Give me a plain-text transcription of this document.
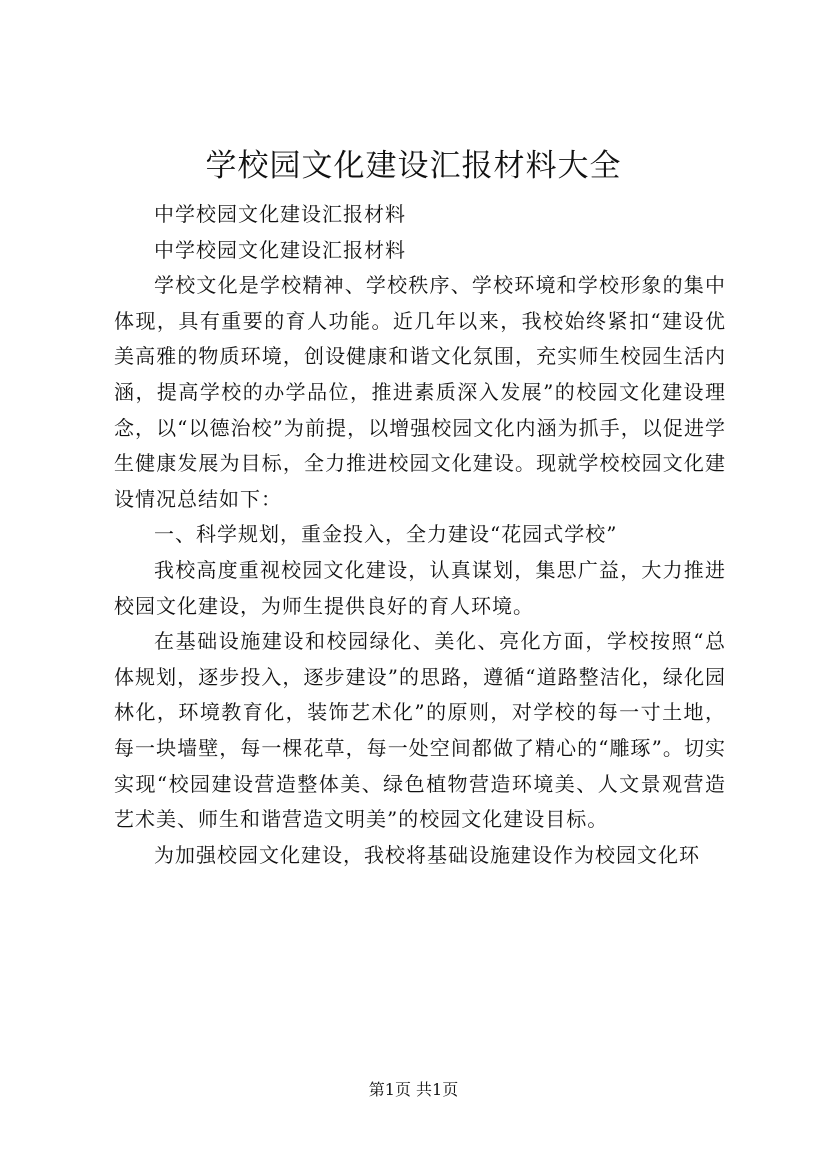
学校园文化建设汇报材料大全

中学校园文化建设汇报材料

中学校园文化建设汇报材料

学校文化是学校精神、学校秩序、学校环境和学校形象的集中体现，具有重要的育人功能。近几年以来，我校始终紧扣“建设优美高雅的物质环境，创设健康和谐文化氛围，充实师生校园生活内涵，提高学校的办学品位，推进素质深入发展”的校园文化建设理念，以“以德治校”为前提，以增强校园文化内涵为抓手，以促进学生健康发展为目标，全力推进校园文化建设。现就学校校园文化建设情况总结如下：

一、科学规划，重金投入，全力建设“花园式学校”

我校高度重视校园文化建设，认真谋划，集思广益，大力推进校园文化建设，为师生提供良好的育人环境。

在基础设施建设和校园绿化、美化、亮化方面，学校按照“总体规划，逐步投入，逐步建设”的思路，遵循“道路整洁化，绿化园林化，环境教育化，装饰艺术化”的原则，对学校的每一寸土地，每一块墙壁，每一棵花草，每一处空间都做了精心的“雕琢”。切实实现“校园建设营造整体美、绿色植物营造环境美、人文景观营造艺术美、师生和谐营造文明美”的校园文化建设目标。

为加强校园文化建设，我校将基础设施建设作为校园文化环

第1页 共1页
